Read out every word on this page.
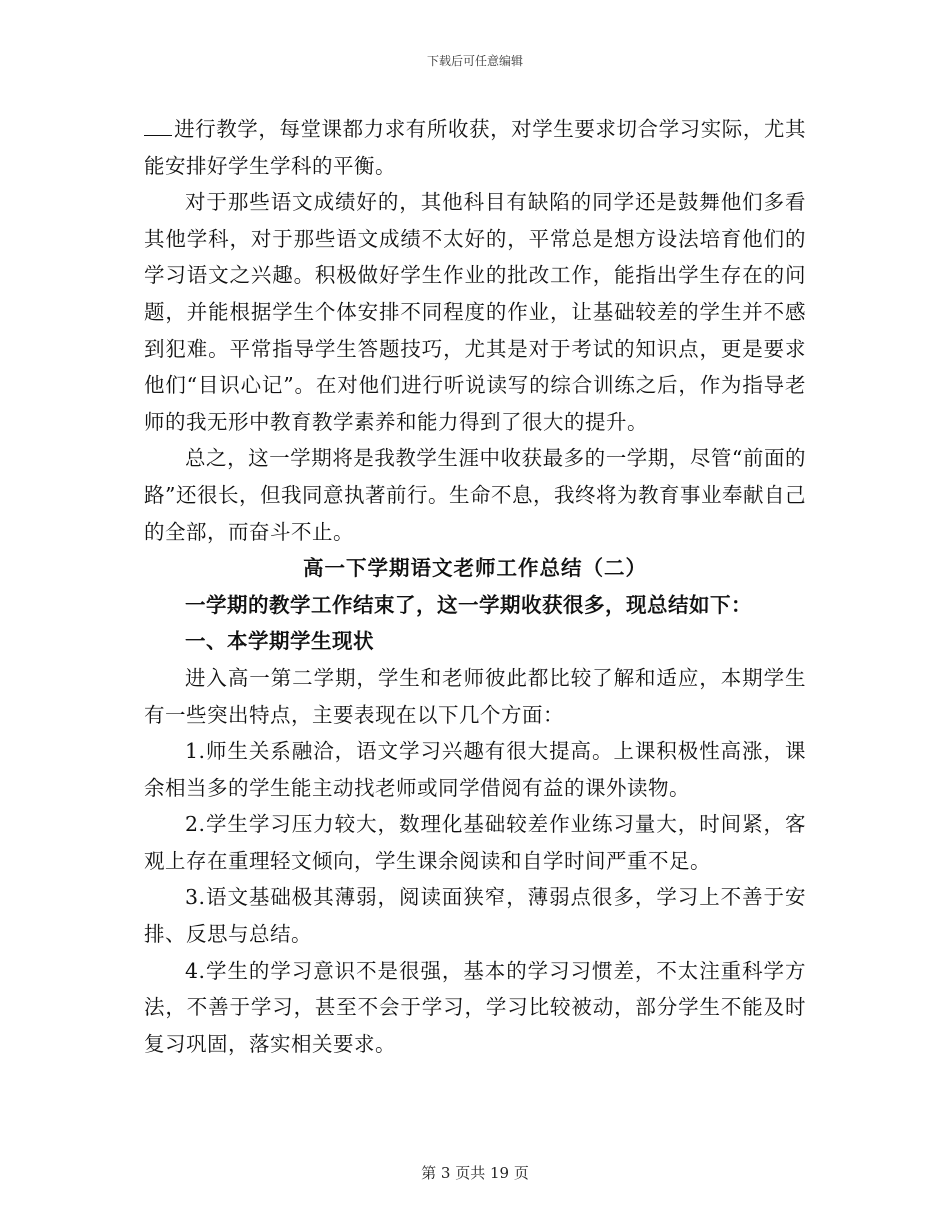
下载后可任意编辑

进行教学，每堂课都力求有所收获，对学生要求切合学习实际，尤其能安排好学生学科的平衡。

对于那些语文成绩好的，其他科目有缺陷的同学还是鼓舞他们多看其他学科，对于那些语文成绩不太好的，平常总是想方设法培育他们的学习语文之兴趣。积极做好学生作业的批改工作，能指出学生存在的问题，并能根据学生个体安排不同程度的作业，让基础较差的学生并不感到犯难。平常指导学生答题技巧，尤其是对于考试的知识点，更是要求他们“目识心记”。在对他们进行听说读写的综合训练之后，作为指导老师的我无形中教育教学素养和能力得到了很大的提升。

总之，这一学期将是我教学生涯中收获最多的一学期，尽管“前面的路”还很长，但我同意执著前行。生命不息，我终将为教育事业奉献自己的全部，而奋斗不止。

高一下学期语文老师工作总结（二）

一学期的教学工作结束了，这一学期收获很多，现总结如下：

一、本学期学生现状

进入高一第二学期，学生和老师彼此都比较了解和适应，本期学生有一些突出特点，主要表现在以下几个方面：

1.师生关系融洽，语文学习兴趣有很大提高。上课积极性高涨，课余相当多的学生能主动找老师或同学借阅有益的课外读物。

2.学生学习压力较大，数理化基础较差作业练习量大，时间紧，客观上存在重理轻文倾向，学生课余阅读和自学时间严重不足。

3.语文基础极其薄弱，阅读面狭窄，薄弱点很多，学习上不善于安排、反思与总结。

4.学生的学习意识不是很强，基本的学习习惯差，不太注重科学方法，不善于学习，甚至不会于学习，学习比较被动，部分学生不能及时复习巩固，落实相关要求。

第 3 页共 19 页
